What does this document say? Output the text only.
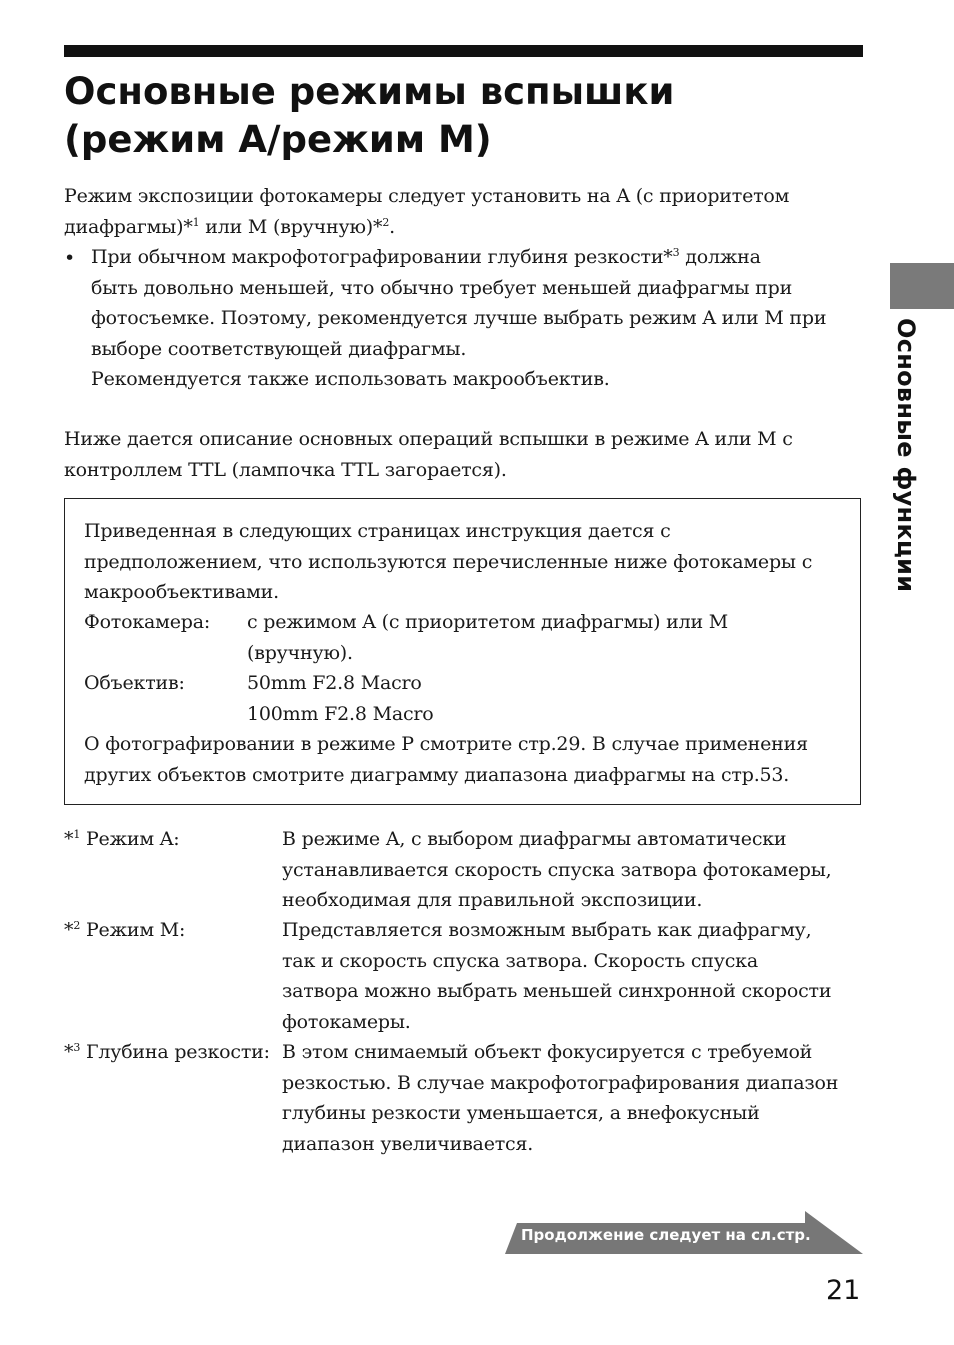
Основные режимы вспышки
(режим A/режим M)
Режим экспозиции фотокамеры следует установить на A (с приоритетом
диафрагмы)*$^1$ или M (вручную)*$^2$.
• При обычном макрофотографировании глубиня резкости*$^3$ должна
быть довольно меньшей, что обычно требует меньшей диафрагмы при
фотосъемке. Поэтому, рекомендуется лучше выбрать режим A или M при
выборе соответствующей диафрагмы.
Рекомендуется также использовать макрообъектив.
Ниже дается описание основных операций вспышки в режиме A или M с
контроллем TTL (лампочка TTL загорается).	Основные функции
Приведенная в следующих страницах инструкция дается с
предположением, что используются перечисленные ниже фотокамеры с
макрообъективами.
Фотокамера: с режимом A (с приоритетом диафрагмы) или M
(вручную).
Объектив:	50mm F2.8 Macro
100mm F2.8 Macro
О фотографировании в режиме P смотрите стр.29. В случае применения
других объектов смотрите диаграмму диапазона диафрагмы на стр.53.
*$^1$ Режим A:	В режиме A, с выбором диафрагмы автоматически
устанавливается скорость спуска затвора фотокамеры,
необходимая для правильной экспозиции.
*$^2$ Режим M:	Представляется возможным выбрать как диафрагму,
так и скорость спуска затвора. Скорость спуска
затвора можно выбрать меньшей синхронной скорости
фотокамеры.
*$^3$ Глубина резкости: В этом снимаемый объект фокусируется с требуемой
резкостью. В случае макрофотографирования диапазон
глубины резкости уменьшается, а внефокусный
диапазон увеличивается.
Продолжение следует на сл.стр.
21
